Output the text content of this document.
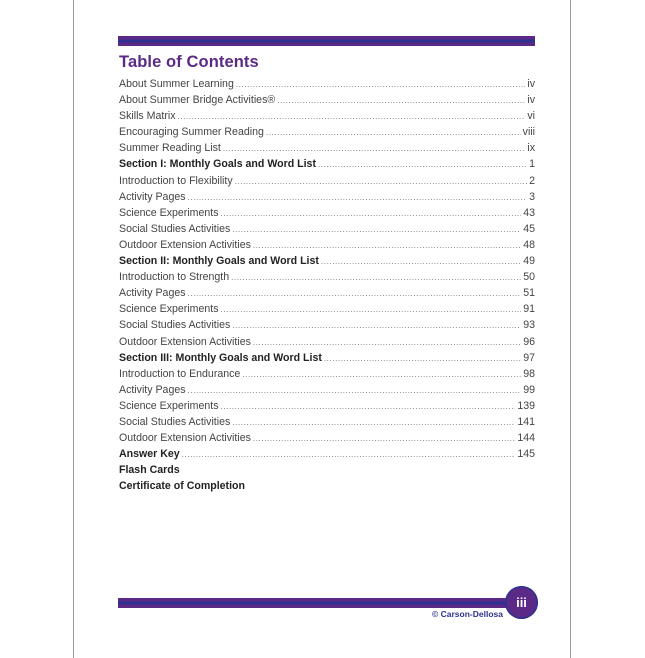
Table of Contents
About Summer Learning .....	iv
About Summer Bridge Activities® .....	iv
Skills Matrix .....	vi
Encouraging Summer Reading .....	viii
Summer Reading List .....	ix
Section I: Monthly Goals and Word List .....	1
Introduction to Flexibility .....	2
Activity Pages .....	3
Science Experiments .....	43
Social Studies Activities .....	45
Outdoor Extension Activities .....	48
Section II: Monthly Goals and Word List .....	49
Introduction to Strength .....	50
Activity Pages .....	51
Science Experiments .....	91
Social Studies Activities .....	93
Outdoor Extension Activities .....	96
Section III: Monthly Goals and Word List .....	97
Introduction to Endurance .....	98
Activity Pages .....	99
Science Experiments .....	139
Social Studies Activities .....	141
Outdoor Extension Activities .....	144
Answer Key .....	145
Flash Cards
Certificate of Completion
iii
© Carson-Dellosa
